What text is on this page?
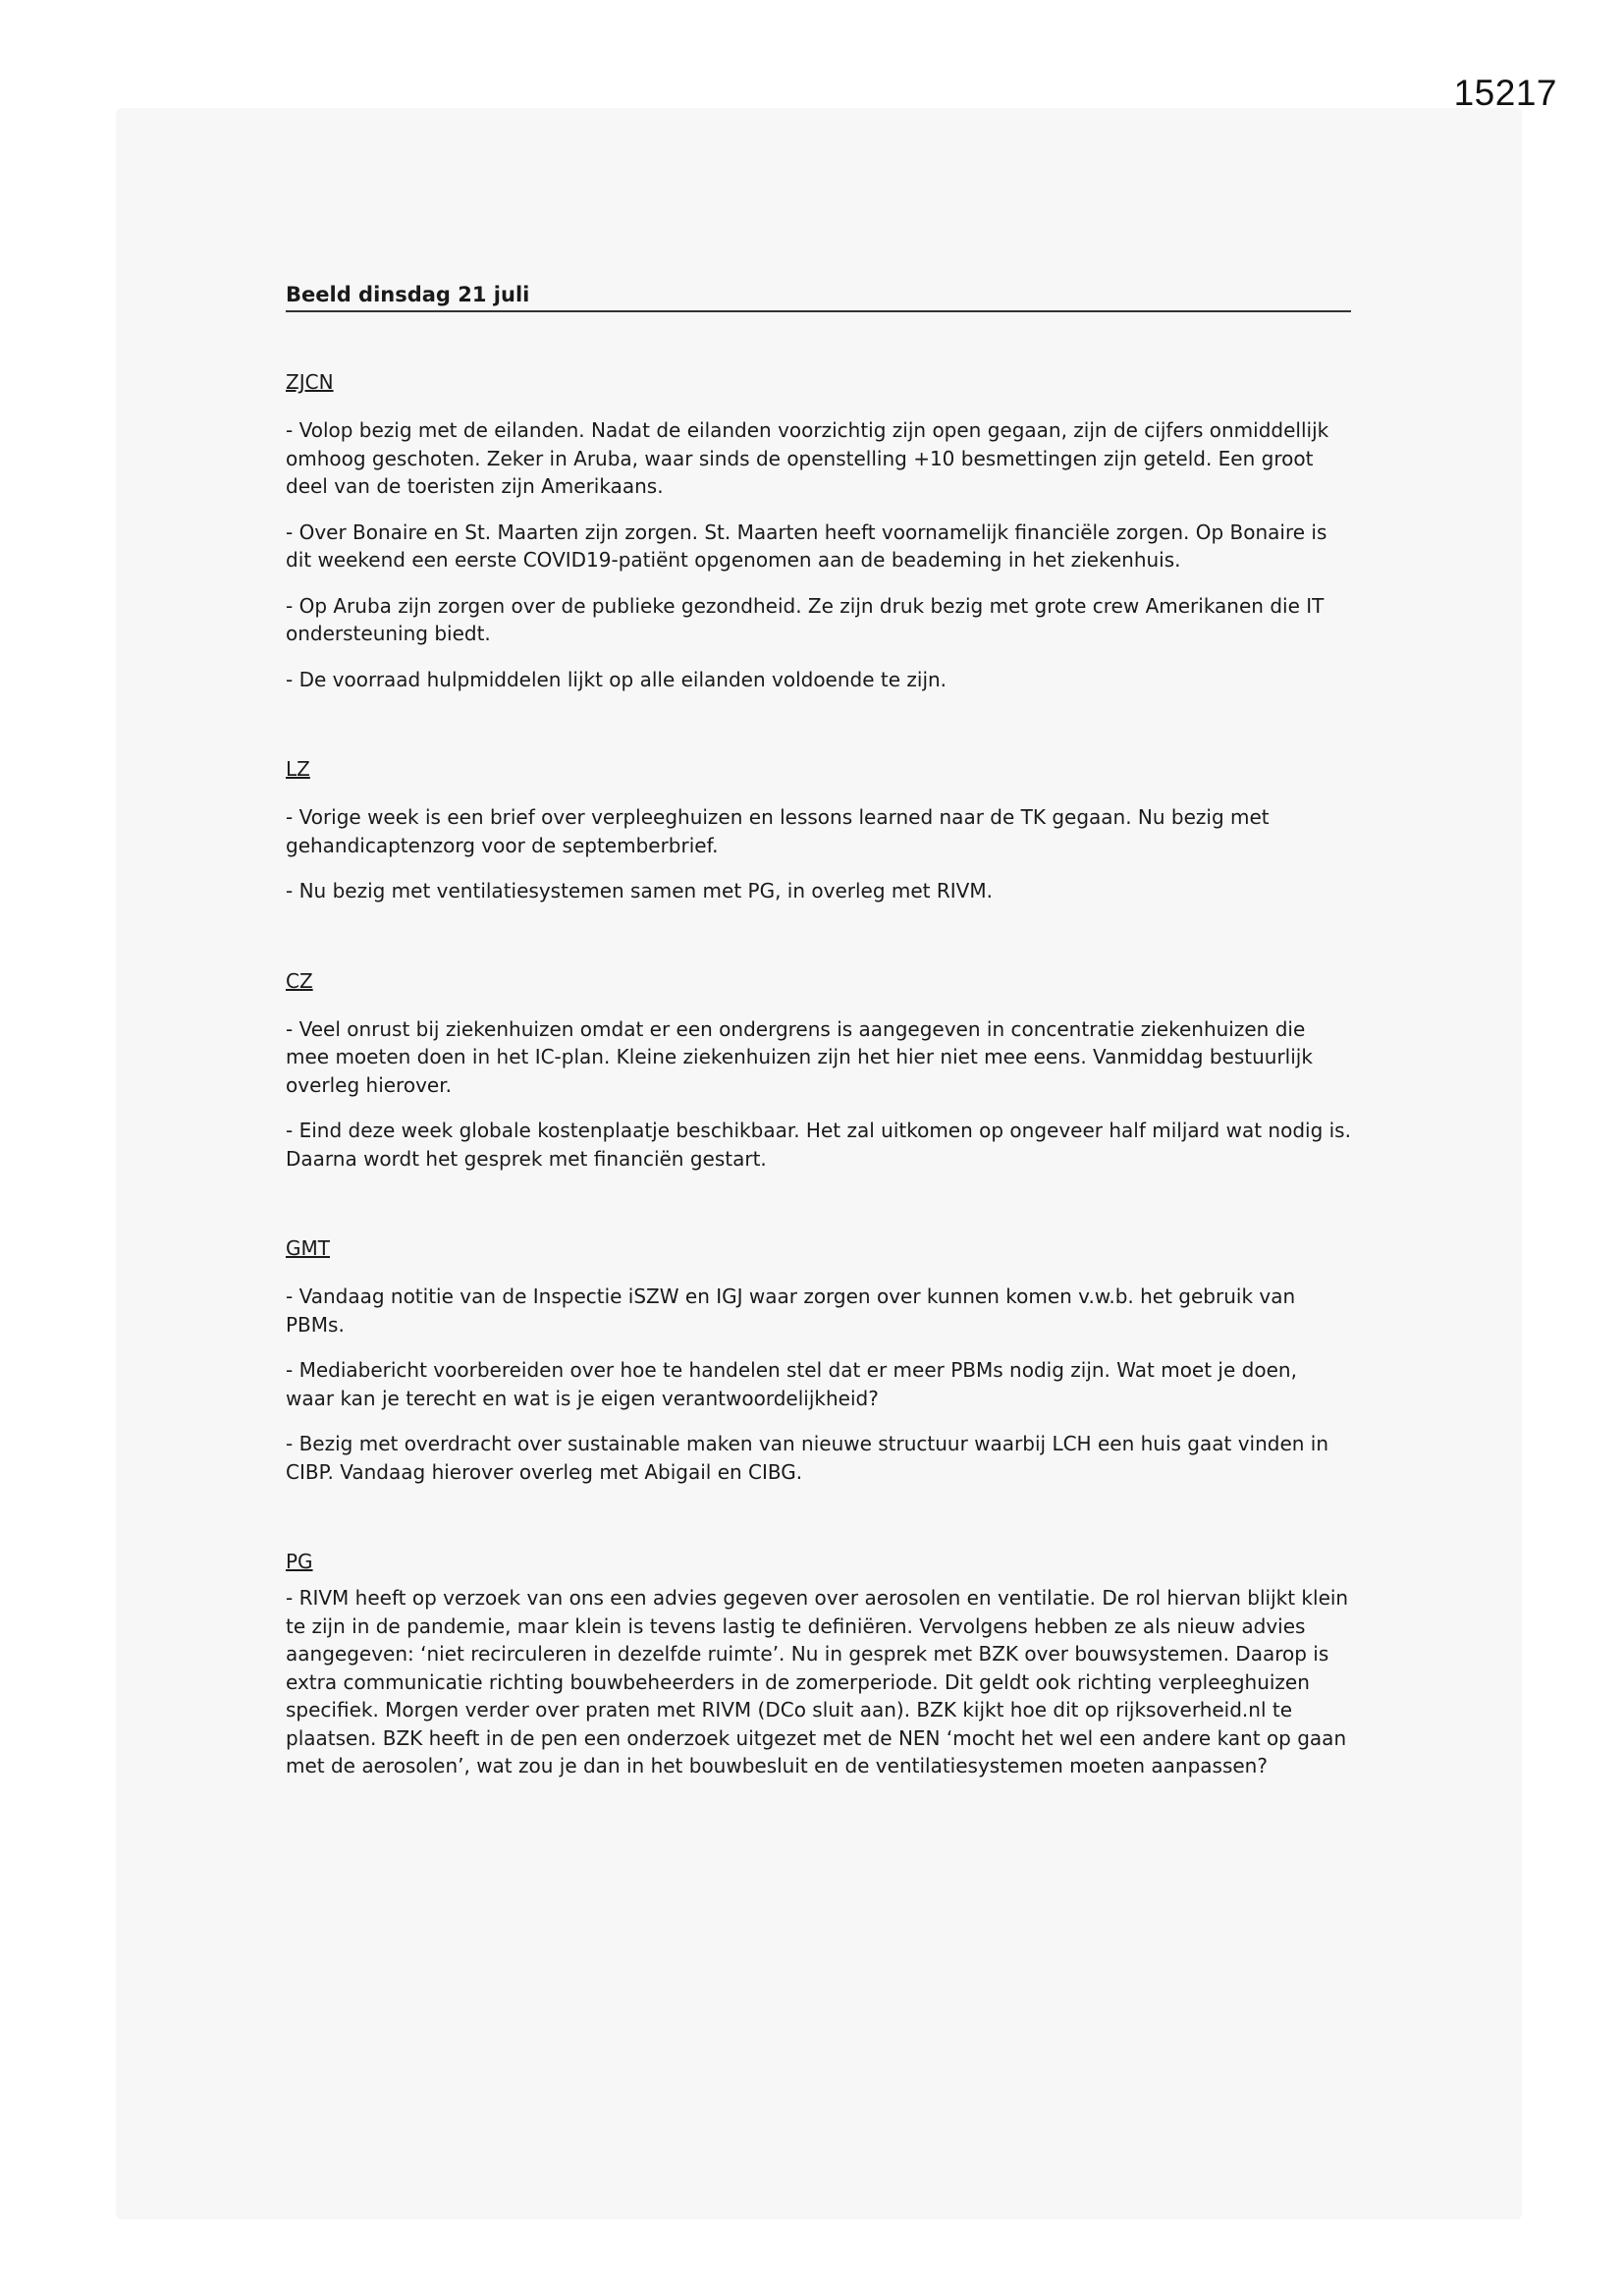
15217
Beeld dinsdag 21 juli
ZJCN

- Volop bezig met de eilanden. Nadat de eilanden voorzichtig zijn open gegaan, zijn de cijfers onmiddellijk omhoog geschoten. Zeker in Aruba, waar sinds de openstelling +10 besmettingen zijn geteld. Een groot deel van de toeristen zijn Amerikaans.

- Over Bonaire en St. Maarten zijn zorgen. St. Maarten heeft voornamelijk financiële zorgen. Op Bonaire is dit weekend een eerste COVID19-patiënt opgenomen aan de beademing in het ziekenhuis.

- Op Aruba zijn zorgen over de publieke gezondheid. Ze zijn druk bezig met grote crew Amerikanen die IT ondersteuning biedt.

- De voorraad hulpmiddelen lijkt op alle eilanden voldoende te zijn.

LZ

- Vorige week is een brief over verpleeghuizen en lessons learned naar de TK gegaan. Nu bezig met gehandicaptenzorg voor de septemberbrief.

- Nu bezig met ventilatiesystemen samen met PG, in overleg met RIVM.

CZ

- Veel onrust bij ziekenhuizen omdat er een ondergrens is aangegeven in concentratie ziekenhuizen die mee moeten doen in het IC-plan. Kleine ziekenhuizen zijn het hier niet mee eens. Vanmiddag bestuurlijk overleg hierover.

- Eind deze week globale kostenplaatje beschikbaar. Het zal uitkomen op ongeveer half miljard wat nodig is. Daarna wordt het gesprek met financiën gestart.

GMT

- Vandaag notitie van de Inspectie iSZW en IGJ waar zorgen over kunnen komen v.w.b. het gebruik van PBMs.

- Mediabericht voorbereiden over hoe te handelen stel dat er meer PBMs nodig zijn. Wat moet je doen, waar kan je terecht en wat is je eigen verantwoordelijkheid?

- Bezig met overdracht over sustainable maken van nieuwe structuur waarbij LCH een huis gaat vinden in CIBP. Vandaag hierover overleg met Abigail en CIBG.

PG

- RIVM heeft op verzoek van ons een advies gegeven over aerosolen en ventilatie. De rol hiervan blijkt klein te zijn in de pandemie, maar klein is tevens lastig te definiëren. Vervolgens hebben ze als nieuw advies aangegeven: ‘niet recirculeren in dezelfde ruimte’. Nu in gesprek met BZK over bouwsystemen. Daarop is extra communicatie richting bouwbeheerders in de zomerperiode. Dit geldt ook richting verpleeghuizen specifiek. Morgen verder over praten met RIVM (DCo sluit aan). BZK kijkt hoe dit op rijksoverheid.nl te plaatsen. BZK heeft in de pen een onderzoek uitgezet met de NEN ‘mocht het wel een andere kant op gaan met de aerosolen’, wat zou je dan in het bouwbesluit en de ventilatiesystemen moeten aanpassen?
